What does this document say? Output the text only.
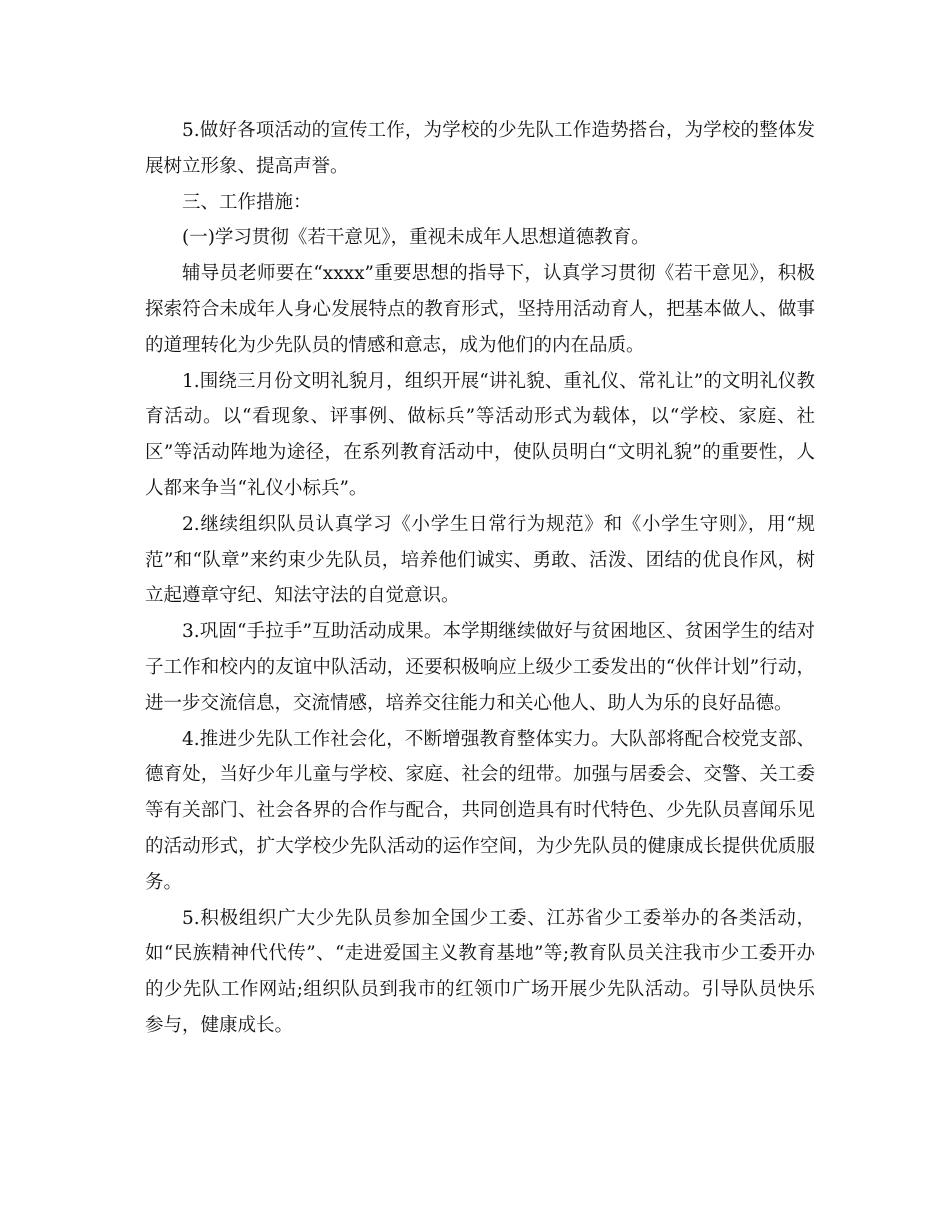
5.做好各项活动的宣传工作，为学校的少先队工作造势搭台，为学校的整体发展树立形象、提高声誉。

三、工作措施：

(一)学习贯彻《若干意见》，重视未成年人思想道德教育。

辅导员老师要在“xxxx”重要思想的指导下，认真学习贯彻《若干意见》，积极探索符合未成年人身心发展特点的教育形式，坚持用活动育人，把基本做人、做事的道理转化为少先队员的情感和意志，成为他们的内在品质。

1.围绕三月份文明礼貌月，组织开展“讲礼貌、重礼仪、常礼让”的文明礼仪教育活动。以“看现象、评事例、做标兵”等活动形式为载体，以“学校、家庭、社区”等活动阵地为途径，在系列教育活动中，使队员明白“文明礼貌”的重要性，人人都来争当“礼仪小标兵”。

2.继续组织队员认真学习《小学生日常行为规范》和《小学生守则》，用“规范”和“队章”来约束少先队员，培养他们诚实、勇敢、活泼、团结的优良作风，树立起遵章守纪、知法守法的自觉意识。

3.巩固“手拉手”互助活动成果。本学期继续做好与贫困地区、贫困学生的结对子工作和校内的友谊中队活动，还要积极响应上级少工委发出的“伙伴计划”行动，进一步交流信息，交流情感，培养交往能力和关心他人、助人为乐的良好品德。

4.推进少先队工作社会化，不断增强教育整体实力。大队部将配合校党支部、德育处，当好少年儿童与学校、家庭、社会的纽带。加强与居委会、交警、关工委等有关部门、社会各界的合作与配合，共同创造具有时代特色、少先队员喜闻乐见的活动形式，扩大学校少先队活动的运作空间，为少先队员的健康成长提供优质服务。

5.积极组织广大少先队员参加全国少工委、江苏省少工委举办的各类活动，如“民族精神代代传”、“走进爱国主义教育基地”等;教育队员关注我市少工委开办的少先队工作网站;组织队员到我市的红领巾广场开展少先队活动。引导队员快乐参与，健康成长。
